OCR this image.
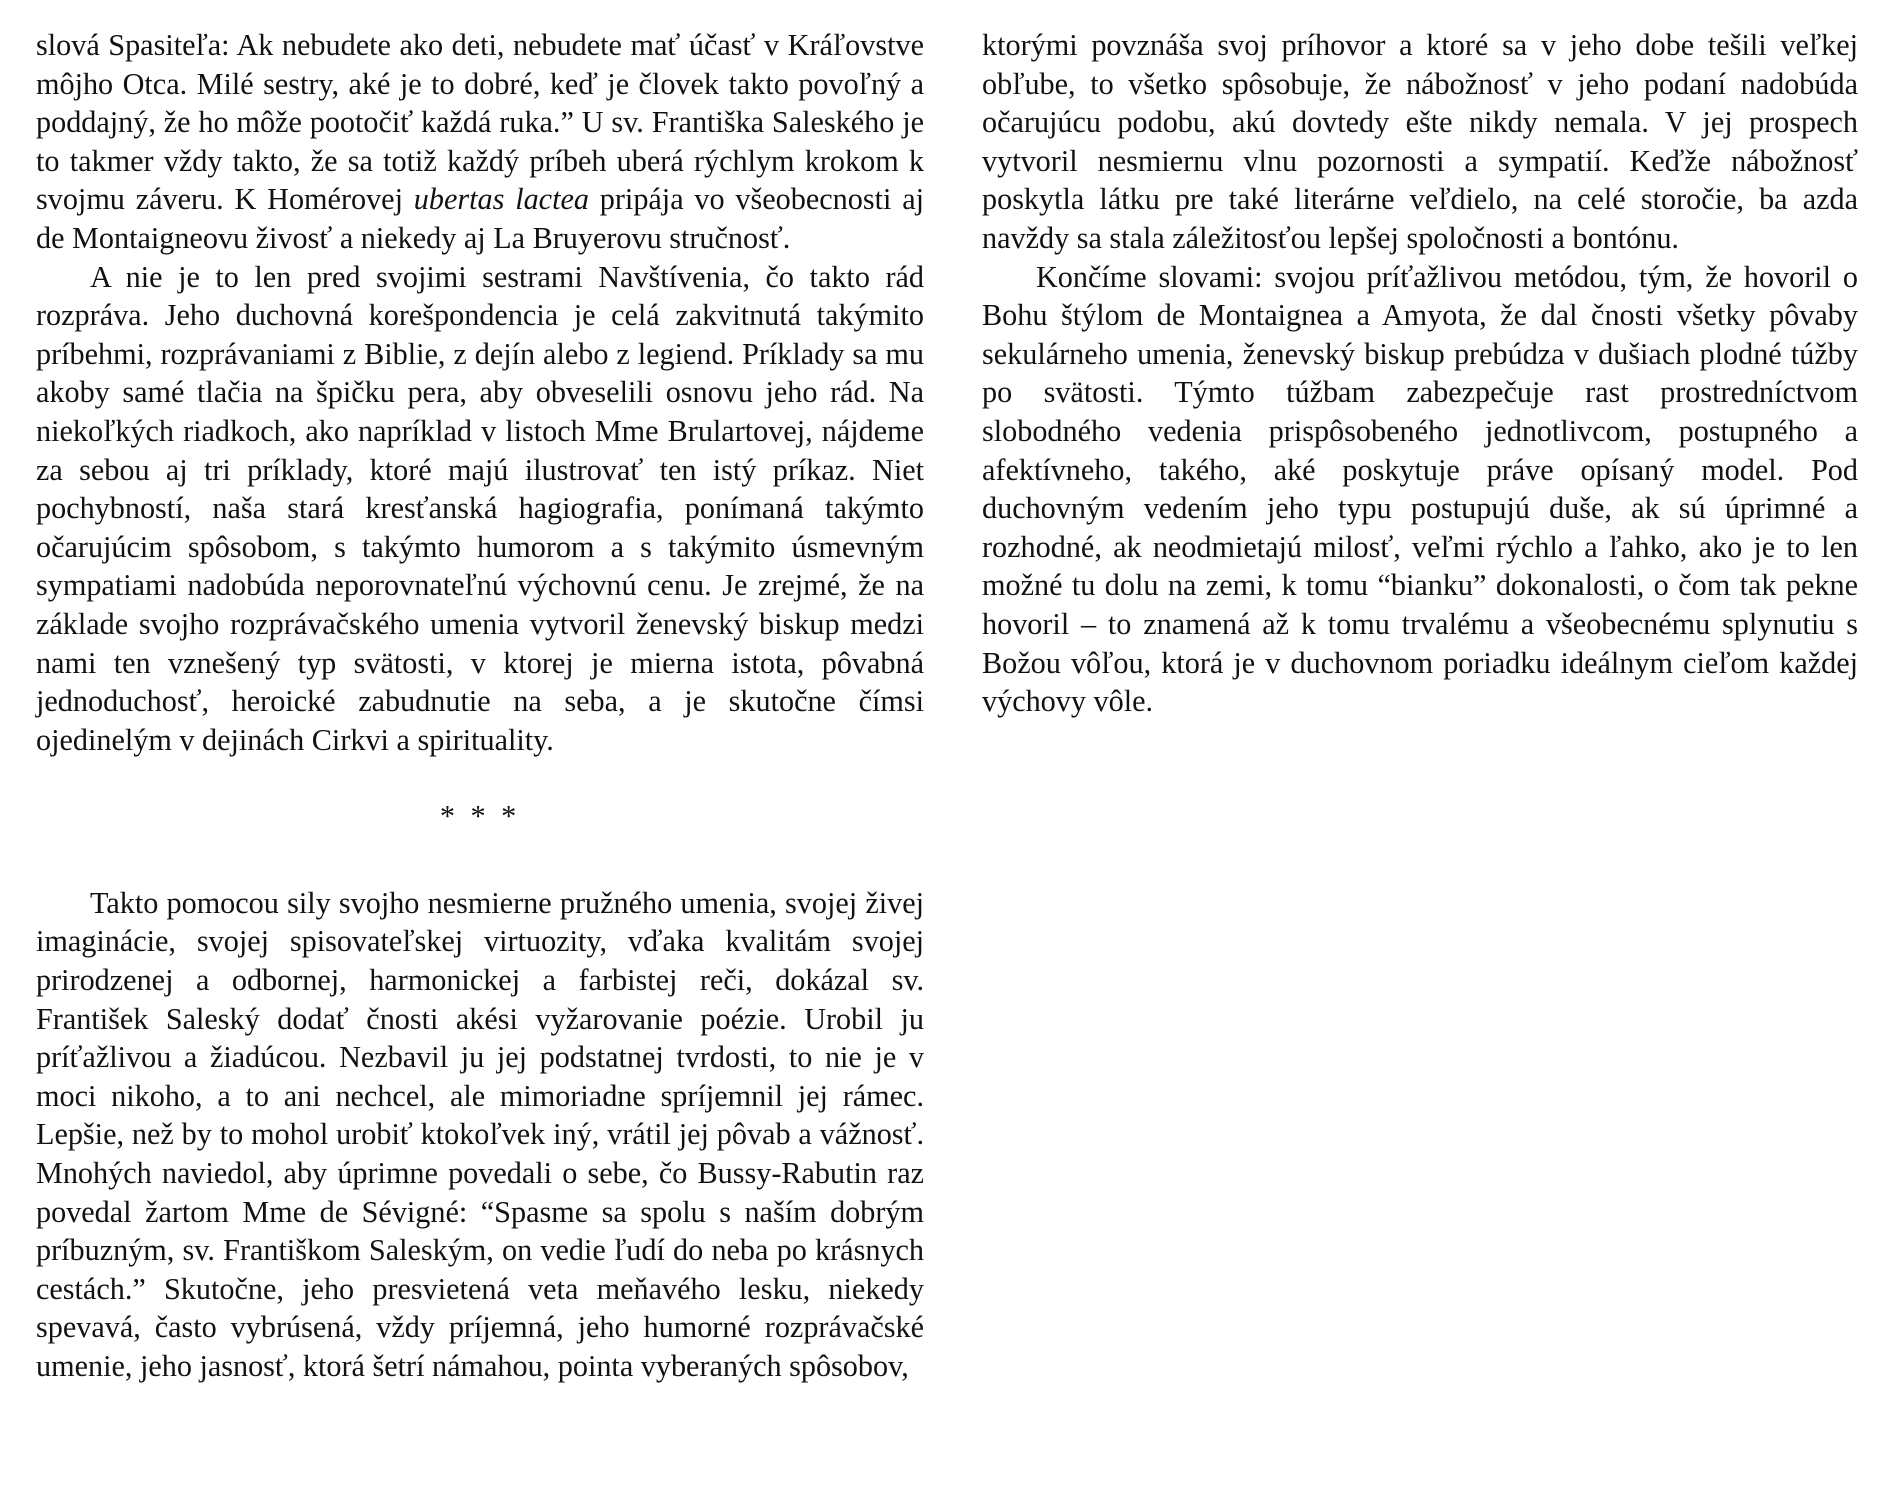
slová Spasiteľa: Ak nebudete ako deti, nebudete mať účasť v Kráľovstve môjho Otca. Milé sestry, aké je to dobré, keď je človek takto povoľný a poddajný, že ho môže pootočiť každá ruka.” U sv. Františka Saleského je to takmer vždy takto, že sa totiž každý príbeh uberá rýchlym krokom k svojmu záveru. K Homérovej ubertas lactea pripája vo všeobecnosti aj de Montaigneovu živosť a niekedy aj La Bruyerovu stručnosť.

A nie je to len pred svojimi sestrami Navštívenia, čo takto rád rozpráva. Jeho duchovná korešpondencia je celá zakvitnutá takýmito príbehmi, rozprávaniami z Biblie, z dejín alebo z legiend. Príklady sa mu akoby samé tlačia na špičku pera, aby obveselili osnovu jeho rád. Na niekoľkých riadkoch, ako napríklad v listoch Mme Brulartovej, nájdeme za sebou aj tri príklady, ktoré majú ilustrovať ten istý príkaz. Niet pochybností, naša stará kresťanská hagiografia, ponímaná takýmto očarujúcim spôsobom, s takýmto humorom a s takýmito úsmevným sympatiami nadobúda neporovnateľnú výchovnú cenu. Je zrejmé, že na základe svojho rozprávačského umenia vytvoril ženevský biskup medzi nami ten vznešený typ svätosti, v ktorej je mierna istota, pôvabná jednoduchosť, heroické zabudnutie na seba, a je skutočne čímsi ojedinelým v dejinách Cirkvi a spirituality.

* * *

Takto pomocou sily svojho nesmierne pružného umenia, svojej živej imaginácie, svojej spisovateľskej virtuozity, vďaka kvalitám svojej prirodzenej a odbornej, harmonickej a farbistej reči, dokázal sv. František Saleský dodať čnosti akési vyžarovanie poézie. Urobil ju príťažlivou a žiadúcou. Nezbavil ju jej podstatnej tvrdosti, to nie je v moci nikoho, a to ani nechcel, ale mimoriadne spríjemnil jej rámec. Lepšie, než by to mohol urobiť ktokoľvek iný, vrátil jej pôvab a vážnosť. Mnohých naviedol, aby úprimne povedali o sebe, čo Bussy-Rabutin raz povedal žartom Mme de Sévigné: “Spasme sa spolu s naším dobrým príbuzným, sv. Františkom Saleským, on vedie ľudí do neba po krásnych cestách.” Skutočne, jeho presvietená veta meňavého lesku, niekedy spevavá, často vybrúsená, vždy príjemná, jeho humorné rozprávačské umenie, jeho jasnosť, ktorá šetrí námahou, pointa vyberaných spôsobov,

ktorými povznáša svoj príhovor a ktoré sa v jeho dobe tešili veľkej obľube, to všetko spôsobuje, že nábožnosť v jeho podaní nadobúda očarujúcu podobu, akú dovtedy ešte nikdy nemala. V jej prospech vytvoril nesmiernu vlnu pozornosti a sympatií. Keďže nábožnosť poskytla látku pre také literárne veľdielo, na celé storočie, ba azda navždy sa stala záležitosťou lepšej spoločnosti a bontónu.

Končíme slovami: svojou príťažlivou metódou, tým, že hovoril o Bohu štýlom de Montaignea a Amyota, že dal čnosti všetky pôvaby sekulárneho umenia, ženevský biskup prebúdza v dušiach plodné túžby po svätosti. Týmto túžbam zabezpečuje rast prostredníctvom slobodného vedenia prispôsobeného jednotlivcom, postupného a afektívneho, takého, aké poskytuje práve opísaný model. Pod duchovným vedením jeho typu postupujú duše, ak sú úprimné a rozhodné, ak neodmietajú milosť, veľmi rýchlo a ľahko, ako je to len možné tu dolu na zemi, k tomu “bianku” dokonalosti, o čom tak pekne hovoril – to znamená až k tomu trvalému a všeobecnému splynutiu s Božou vôľou, ktorá je v duchovnom poriadku ideálnym cieľom každej výchovy vôle.
